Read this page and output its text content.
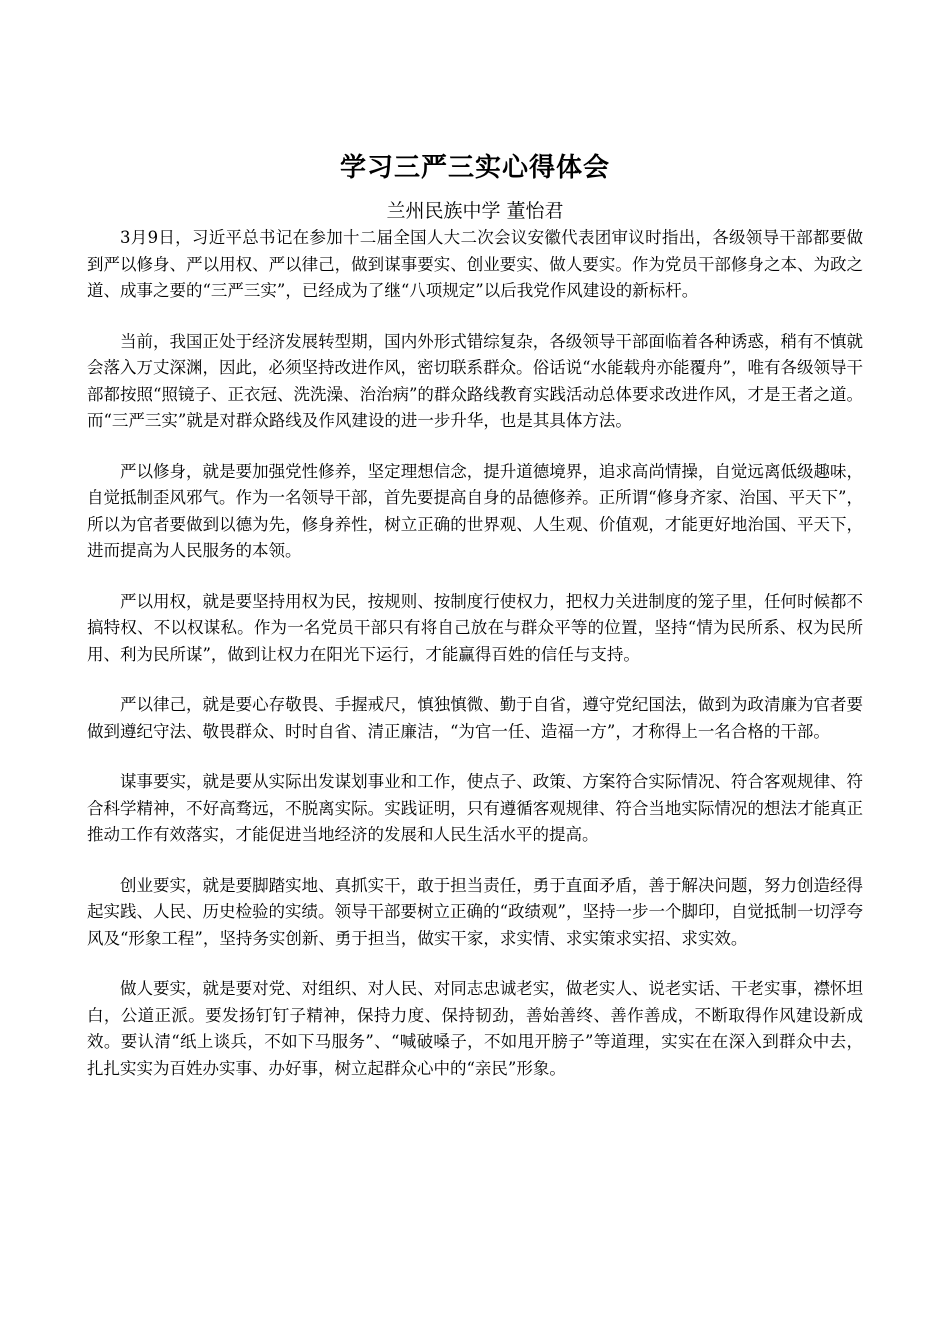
学习三严三实心得体会
兰州民族中学 董怡君

3月9日，习近平总书记在参加十二届全国人大二次会议安徽代表团审议时指出，各级领导干部都要做到严以修身、严以用权、严以律己，做到谋事要实、创业要实、做人要实。作为党员干部修身之本、为政之道、成事之要的“三严三实”，已经成为了继“八项规定”以后我党作风建设的新标杆。

当前，我国正处于经济发展转型期，国内外形式错综复杂，各级领导干部面临着各种诱惑，稍有不慎就会落入万丈深渊，因此，必须坚持改进作风，密切联系群众。俗话说“水能载舟亦能覆舟”，唯有各级领导干部都按照“照镜子、正衣冠、洗洗澡、治治病”的群众路线教育实践活动总体要求改进作风，才是王者之道。而“三严三实”就是对群众路线及作风建设的进一步升华，也是其具体方法。

严以修身，就是要加强党性修养，坚定理想信念，提升道德境界，追求高尚情操，自觉远离低级趣味，自觉抵制歪风邪气。作为一名领导干部，首先要提高自身的品德修养。正所谓“修身齐家、治国、平天下”，所以为官者要做到以德为先，修身养性，树立正确的世界观、人生观、价值观，才能更好地治国、平天下，进而提高为人民服务的本领。

严以用权，就是要坚持用权为民，按规则、按制度行使权力，把权力关进制度的笼子里，任何时候都不搞特权、不以权谋私。作为一名党员干部只有将自己放在与群众平等的位置，坚持“情为民所系、权为民所用、利为民所谋”，做到让权力在阳光下运行，才能赢得百姓的信任与支持。

严以律己，就是要心存敬畏、手握戒尺，慎独慎微、勤于自省，遵守党纪国法，做到为政清廉为官者要做到遵纪守法、敬畏群众、时时自省、清正廉洁，“为官一任、造福一方”，才称得上一名合格的干部。

谋事要实，就是要从实际出发谋划事业和工作，使点子、政策、方案符合实际情况、符合客观规律、符合科学精神，不好高骛远，不脱离实际。实践证明，只有遵循客观规律、符合当地实际情况的想法才能真正推动工作有效落实，才能促进当地经济的发展和人民生活水平的提高。

创业要实，就是要脚踏实地、真抓实干，敢于担当责任，勇于直面矛盾，善于解决问题，努力创造经得起实践、人民、历史检验的实绩。领导干部要树立正确的“政绩观”，坚持一步一个脚印，自觉抵制一切浮夸风及“形象工程”，坚持务实创新、勇于担当，做实干家，求实情、求实策求实招、求实效。

做人要实，就是要对党、对组织、对人民、对同志忠诚老实，做老实人、说老实话、干老实事，襟怀坦白，公道正派。要发扬钉钉子精神，保持力度、保持韧劲，善始善终、善作善成，不断取得作风建设新成效。要认清“纸上谈兵，不如下马服务”、“喊破嗓子，不如甩开膀子”等道理，实实在在深入到群众中去，扎扎实实为百姓办实事、办好事，树立起群众心中的“亲民”形象。
